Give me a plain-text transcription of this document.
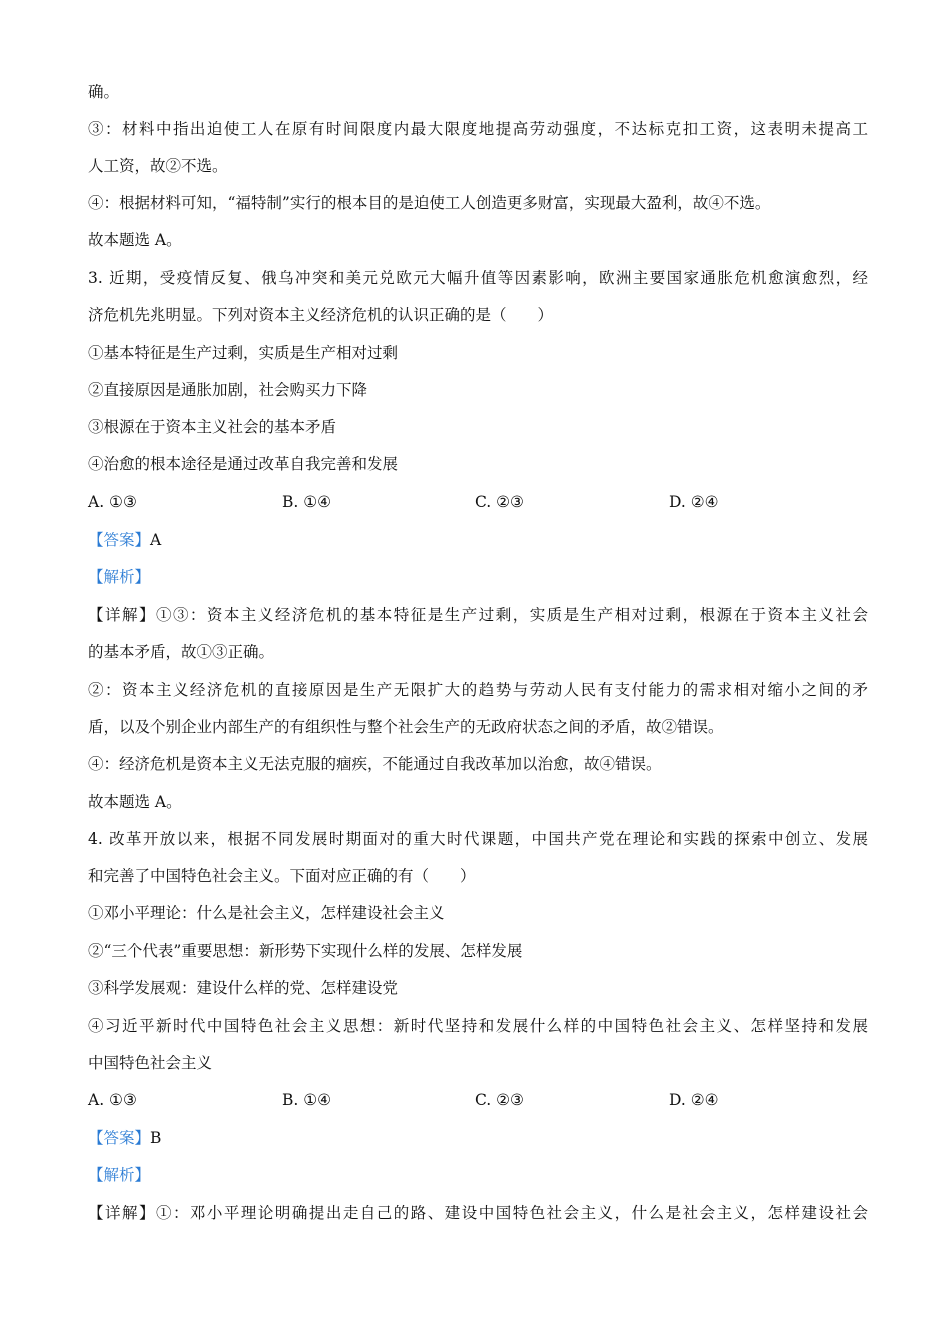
确。
③：材料中指出迫使工人在原有时间限度内最大限度地提高劳动强度，不达标克扣工资，这表明未提高工
人工资，故②不选。
④：根据材料可知，“福特制”实行的根本目的是迫使工人创造更多财富，实现最大盈利，故④不选。
故本题选 A。
3. 近期，受疫情反复、俄乌冲突和美元兑欧元大幅升值等因素影响，欧洲主要国家通胀危机愈演愈烈，经
济危机先兆明显。下列对资本主义经济危机的认识正确的是（　　）
①基本特征是生产过剩，实质是生产相对过剩
②直接原因是通胀加剧，社会购买力下降
③根源在于资本主义社会的基本矛盾
④治愈的根本途径是通过改革自我完善和发展
A. ①③	B. ①④	C. ②③	D. ②④
【答案】A
【解析】
【详解】①③：资本主义经济危机的基本特征是生产过剩，实质是生产相对过剩，根源在于资本主义社会
的基本矛盾，故①③正确。
②：资本主义经济危机的直接原因是生产无限扩大的趋势与劳动人民有支付能力的需求相对缩小之间的矛
盾，以及个别企业内部生产的有组织性与整个社会生产的无政府状态之间的矛盾，故②错误。
④：经济危机是资本主义无法克服的痼疾，不能通过自我改革加以治愈，故④错误。
故本题选 A。
4. 改革开放以来，根据不同发展时期面对的重大时代课题，中国共产党在理论和实践的探索中创立、发展
和完善了中国特色社会主义。下面对应正确的有（　　）
①邓小平理论：什么是社会主义，怎样建设社会主义
②“三个代表”重要思想：新形势下实现什么样的发展、怎样发展
③科学发展观：建设什么样的党、怎样建设党
④习近平新时代中国特色社会主义思想：新时代坚持和发展什么样的中国特色社会主义、怎样坚持和发展
中国特色社会主义
A. ①③	B. ①④	C. ②③	D. ②④
【答案】B
【解析】
【详解】①：邓小平理论明确提出走自己的路、建设中国特色社会主义，什么是社会主义，怎样建设社会
